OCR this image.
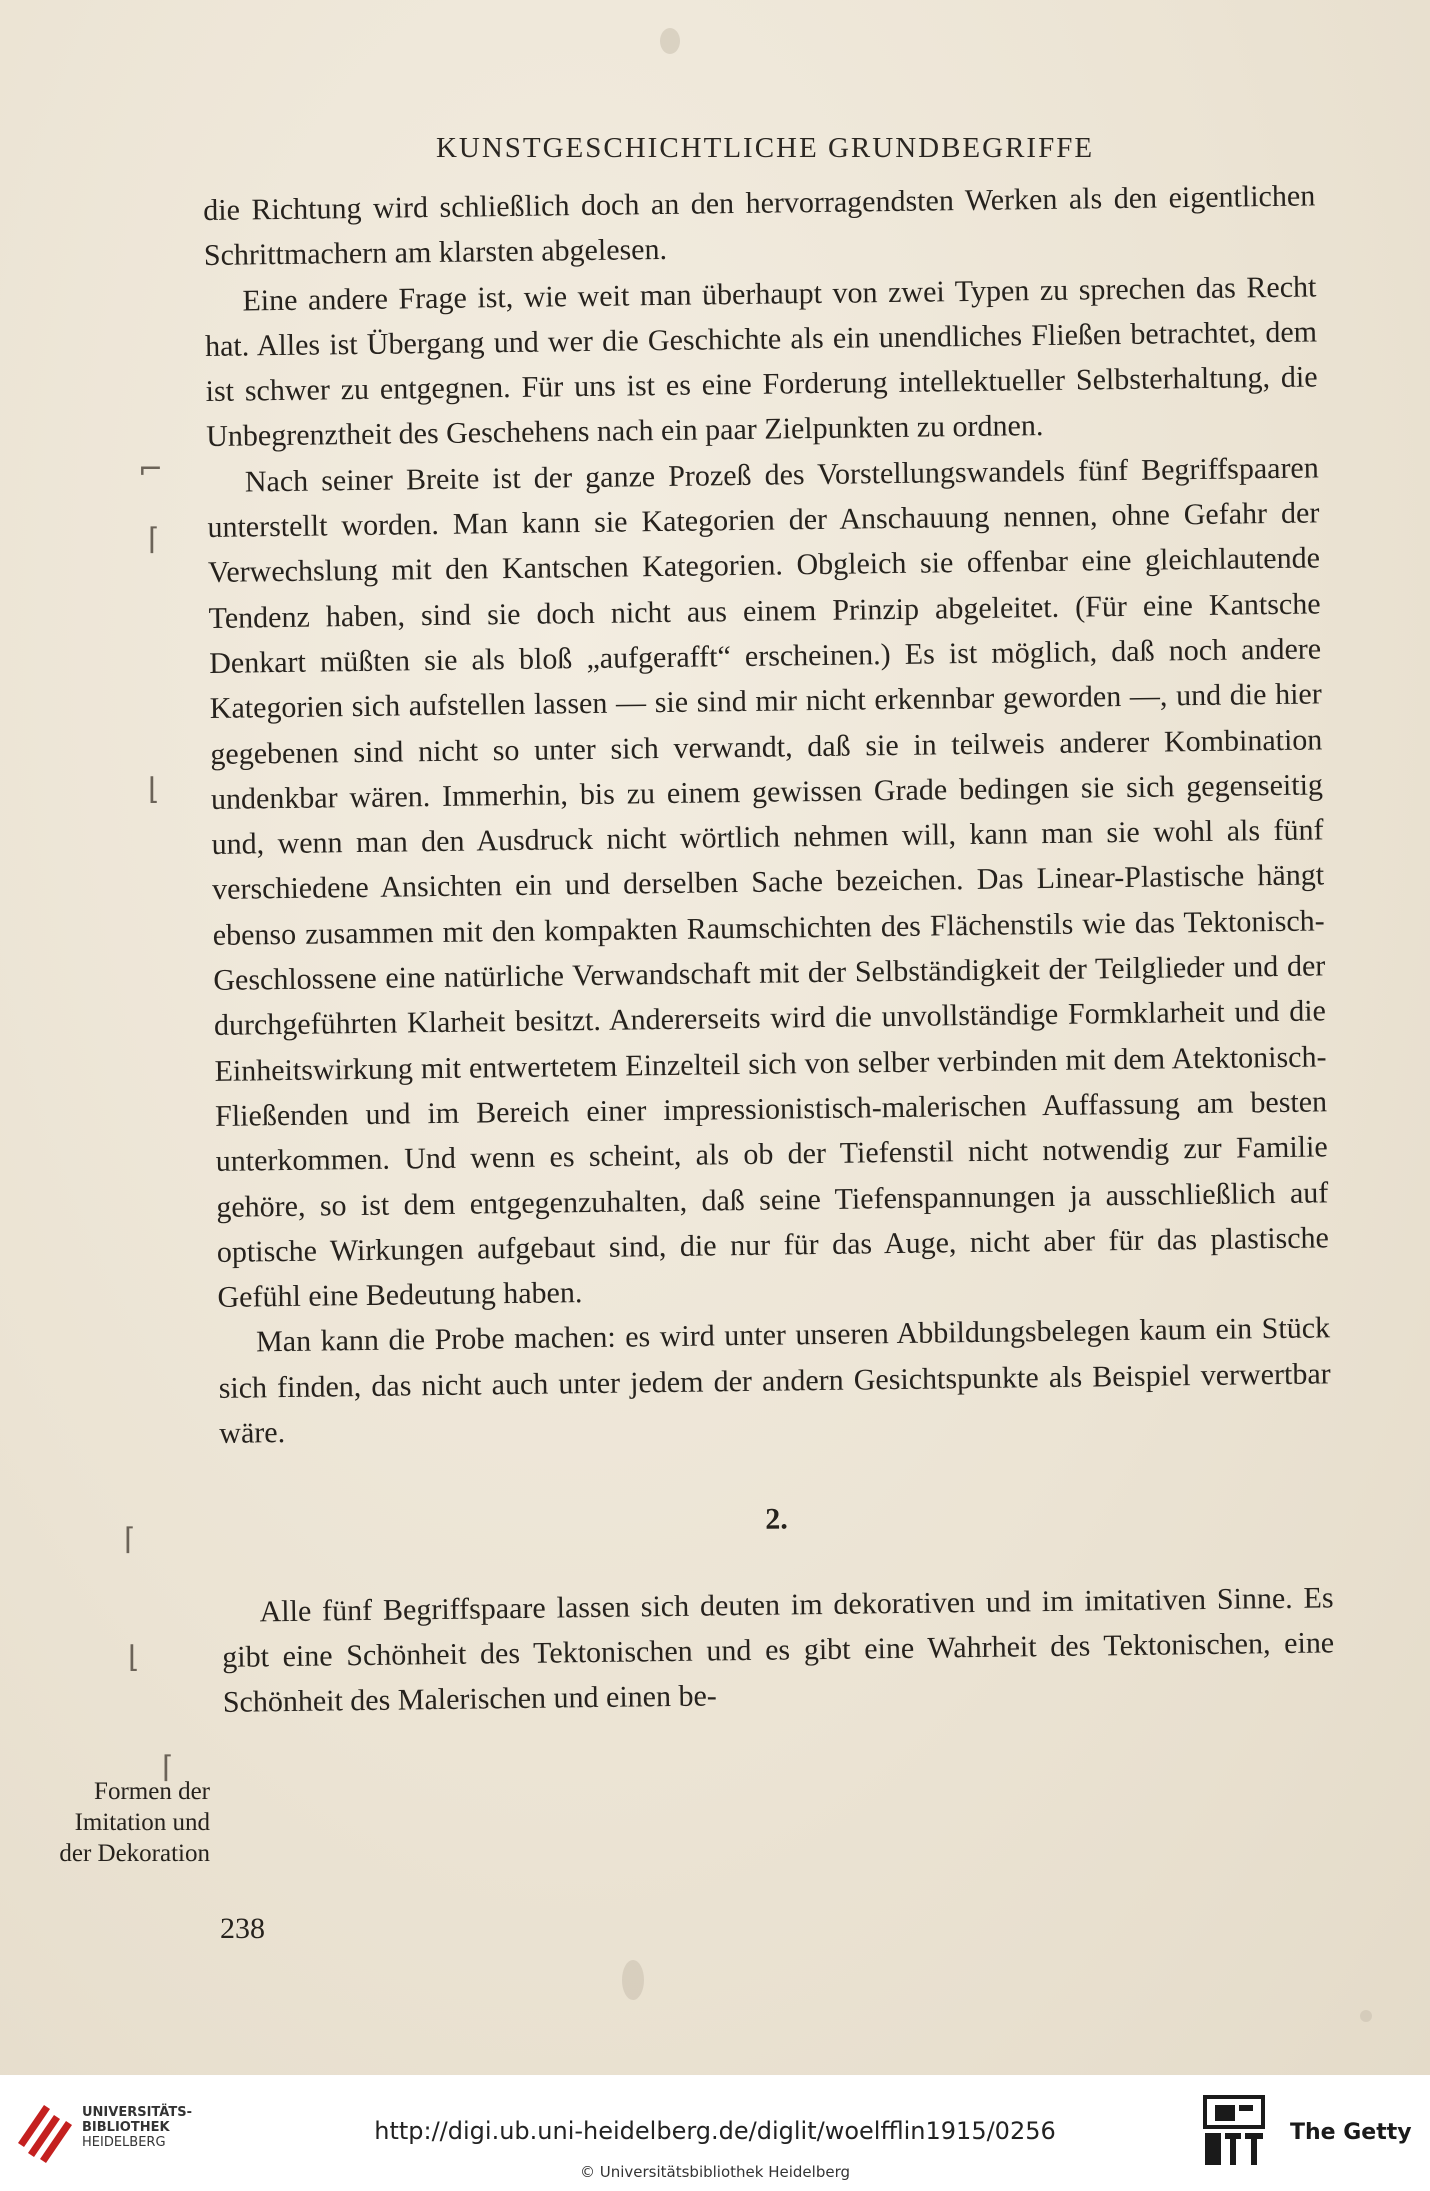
KUNSTGESCHICHTLICHE GRUNDBEGRIFFE

die Richtung wird schließlich doch an den hervorragendsten Werken als den eigentlichen Schrittmachern am klarsten abgelesen.

Eine andere Frage ist, wie weit man überhaupt von zwei Typen zu sprechen das Recht hat. Alles ist Übergang und wer die Geschichte als ein unendliches Fließen betrachtet, dem ist schwer zu entgegnen. Für uns ist es eine Forderung intellektueller Selbsterhaltung, die Unbegrenztheit des Geschehens nach ein paar Zielpunkten zu ordnen.

Nach seiner Breite ist der ganze Prozeß des Vorstellungswandels fünf Begriffspaaren unterstellt worden. Man kann sie Kategorien der Anschauung nennen, ohne Gefahr der Verwechslung mit den Kantschen Kategorien. Obgleich sie offenbar eine gleichlautende Tendenz haben, sind sie doch nicht aus einem Prinzip abgeleitet. (Für eine Kantsche Denkart müßten sie als bloß „aufgerafft“ erscheinen.) Es ist möglich, daß noch andere Kategorien sich aufstellen lassen — sie sind mir nicht erkennbar geworden —, und die hier gegebenen sind nicht so unter sich verwandt, daß sie in teilweis anderer Kombination undenkbar wären. Immerhin, bis zu einem gewissen Grade bedingen sie sich gegenseitig und, wenn man den Ausdruck nicht wörtlich nehmen will, kann man sie wohl als fünf verschiedene Ansichten ein und derselben Sache bezeichen. Das Linear-Plastische hängt ebenso zusammen mit den kompakten Raumschichten des Flächenstils wie das Tektonisch-Geschlossene eine natürliche Verwandschaft mit der Selbständigkeit der Teilglieder und der durchgeführten Klarheit besitzt. Andererseits wird die unvollständige Formklarheit und die Einheitswirkung mit entwertetem Einzelteil sich von selber verbinden mit dem Atektonisch-Fließenden und im Bereich einer impressionistisch-malerischen Auffassung am besten unterkommen. Und wenn es scheint, als ob der Tiefenstil nicht notwendig zur Familie gehöre, so ist dem entgegenzuhalten, daß seine Tiefenspannungen ja ausschließlich auf optische Wirkungen aufgebaut sind, die nur für das Auge, nicht aber für das plastische Gefühl eine Bedeutung haben.

Man kann die Probe machen: es wird unter unseren Abbildungsbelegen kaum ein Stück sich finden, das nicht auch unter jedem der andern Gesichtspunkte als Beispiel verwertbar wäre.

2.

Alle fünf Begriffspaare lassen sich deuten im dekorativen und im imitativen Sinne. Es gibt eine Schönheit des Tektonischen und es gibt eine Wahrheit des Tektonischen, eine Schönheit des Malerischen und einen be-

Formen der
Imitation und
der Dekoration
238
⌐
⌈
⌊
⌈
⌊
⌈
UNIVERSITÄTS-
BIBLIOTHEK
HEIDELBERG	http://digi.ub.uni-heidelberg.de/diglit/woelfflin1915/0256
© Universitätsbibliothek Heidelberg
The Getty
